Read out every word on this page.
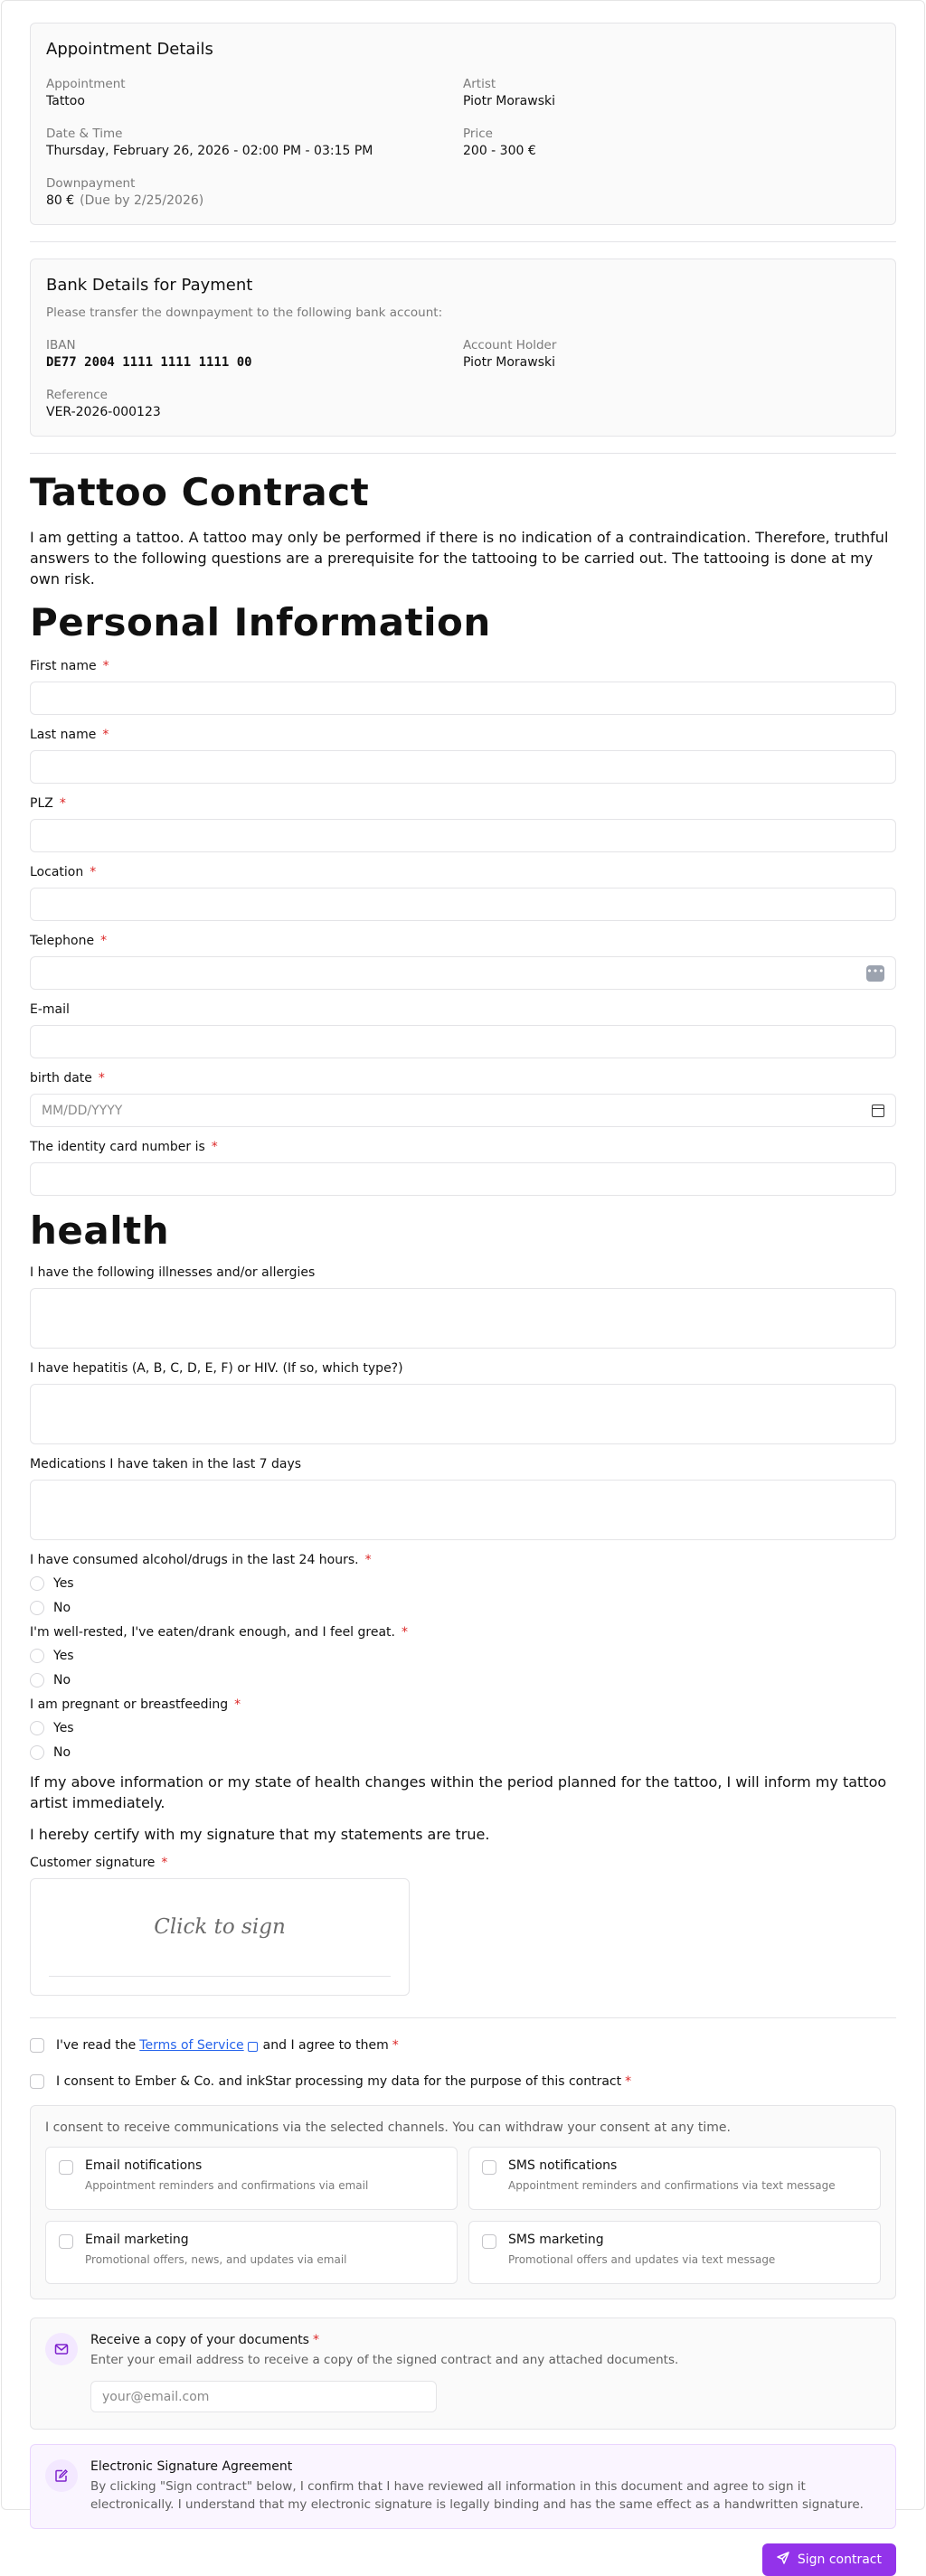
Appointment Details
Appointment
Tattoo
Artist
Piotr Morawski
Date & Time
Thursday, February 26, 2026 - 02:00 PM - 03:15 PM
Price
200 - 300 €
Downpayment
80 € (Due by 2/25/2026)
Bank Details for Payment
Please transfer the downpayment to the following bank account:
IBAN
DE77 2004 1111 1111 1111 00
Account Holder
Piotr Morawski
Reference
VER-2026-000123
Tattoo Contract

I am getting a tattoo. A tattoo may only be performed if there is no indication of a contraindication. Therefore, truthful answers to the following questions are a prerequisite for the tattooing to be carried out. The tattooing is done at my own risk.

Personal Information
First name *
Last name *
PLZ *
Location *
Telephone *
•••
E-mail
birth date *
MM/DD/YYYY
The identity card number is *
health
I have the following illnesses and/or allergies
I have hepatitis (A, B, C, D, E, F) or HIV. (If so, which type?)
Medications I have taken in the last 7 days
I have consumed alcohol/drugs in the last 24 hours. *
Yes
No
I'm well-rested, I've eaten/drank enough, and I feel great. *
Yes
No
I am pregnant or breastfeeding *
Yes
No

If my above information or my state of health changes within the period planned for the tattoo, I will inform my tattoo artist immediately.

I hereby certify with my signature that my statements are true.

Customer signature *
Click to sign
I've read the Terms of Service and I agree to them *
I consent to Ember & Co. and inkStar processing my data for the purpose of this contract *
I consent to receive communications via the selected channels. You can withdraw your consent at any time.
Email notifications
Appointment reminders and confirmations via email
SMS notifications
Appointment reminders and confirmations via text message
Email marketing
Promotional offers, news, and updates via email
SMS marketing
Promotional offers and updates via text message
Receive a copy of your documents *
Enter your email address to receive a copy of the signed contract and any attached documents.
your@email.com
Electronic Signature Agreement
By clicking "Sign contract" below, I confirm that I have reviewed all information in this document and agree to sign it electronically. I understand that my electronic signature is legally binding and has the same effect as a handwritten signature.
Sign contract
